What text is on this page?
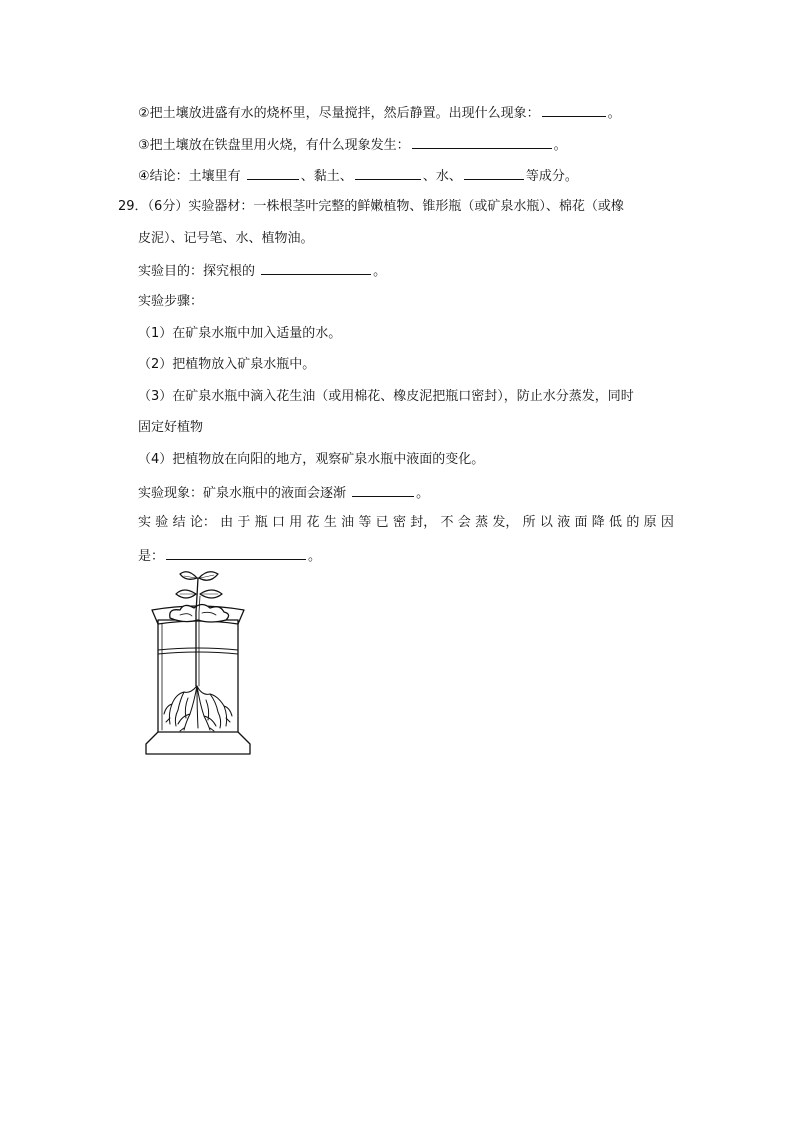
②把土壤放进盛有水的烧杯里，尽量搅拌，然后静置。出现什么现象：	。
③把土壤放在铁盘里用火烧，有什么现象发生：	。
④结论：土壤里有	、黏土、	、水、	等成分。
29．（6分）实验器材：一株根茎叶完整的鲜嫩植物、锥形瓶（或矿泉水瓶）、棉花（或橡
皮泥）、记号笔、水、植物油。
实验目的：探究根的	。
实验步骤：
（1）在矿泉水瓶中加入适量的水。
（2）把植物放入矿泉水瓶中。
（3）在矿泉水瓶中滴入花生油（或用棉花、橡皮泥把瓶口密封），防止水分蒸发，同时
固定好植物
（4）把植物放在向阳的地方，观察矿泉水瓶中液面的变化。
实验现象：矿泉水瓶中的液面会逐渐	。
实 验 结 论： 由 于 瓶 口 用 花 生 油 等 已 密 封， 不 会 蒸 发， 所 以 液 面 降 低 的 原 因
是：	。
